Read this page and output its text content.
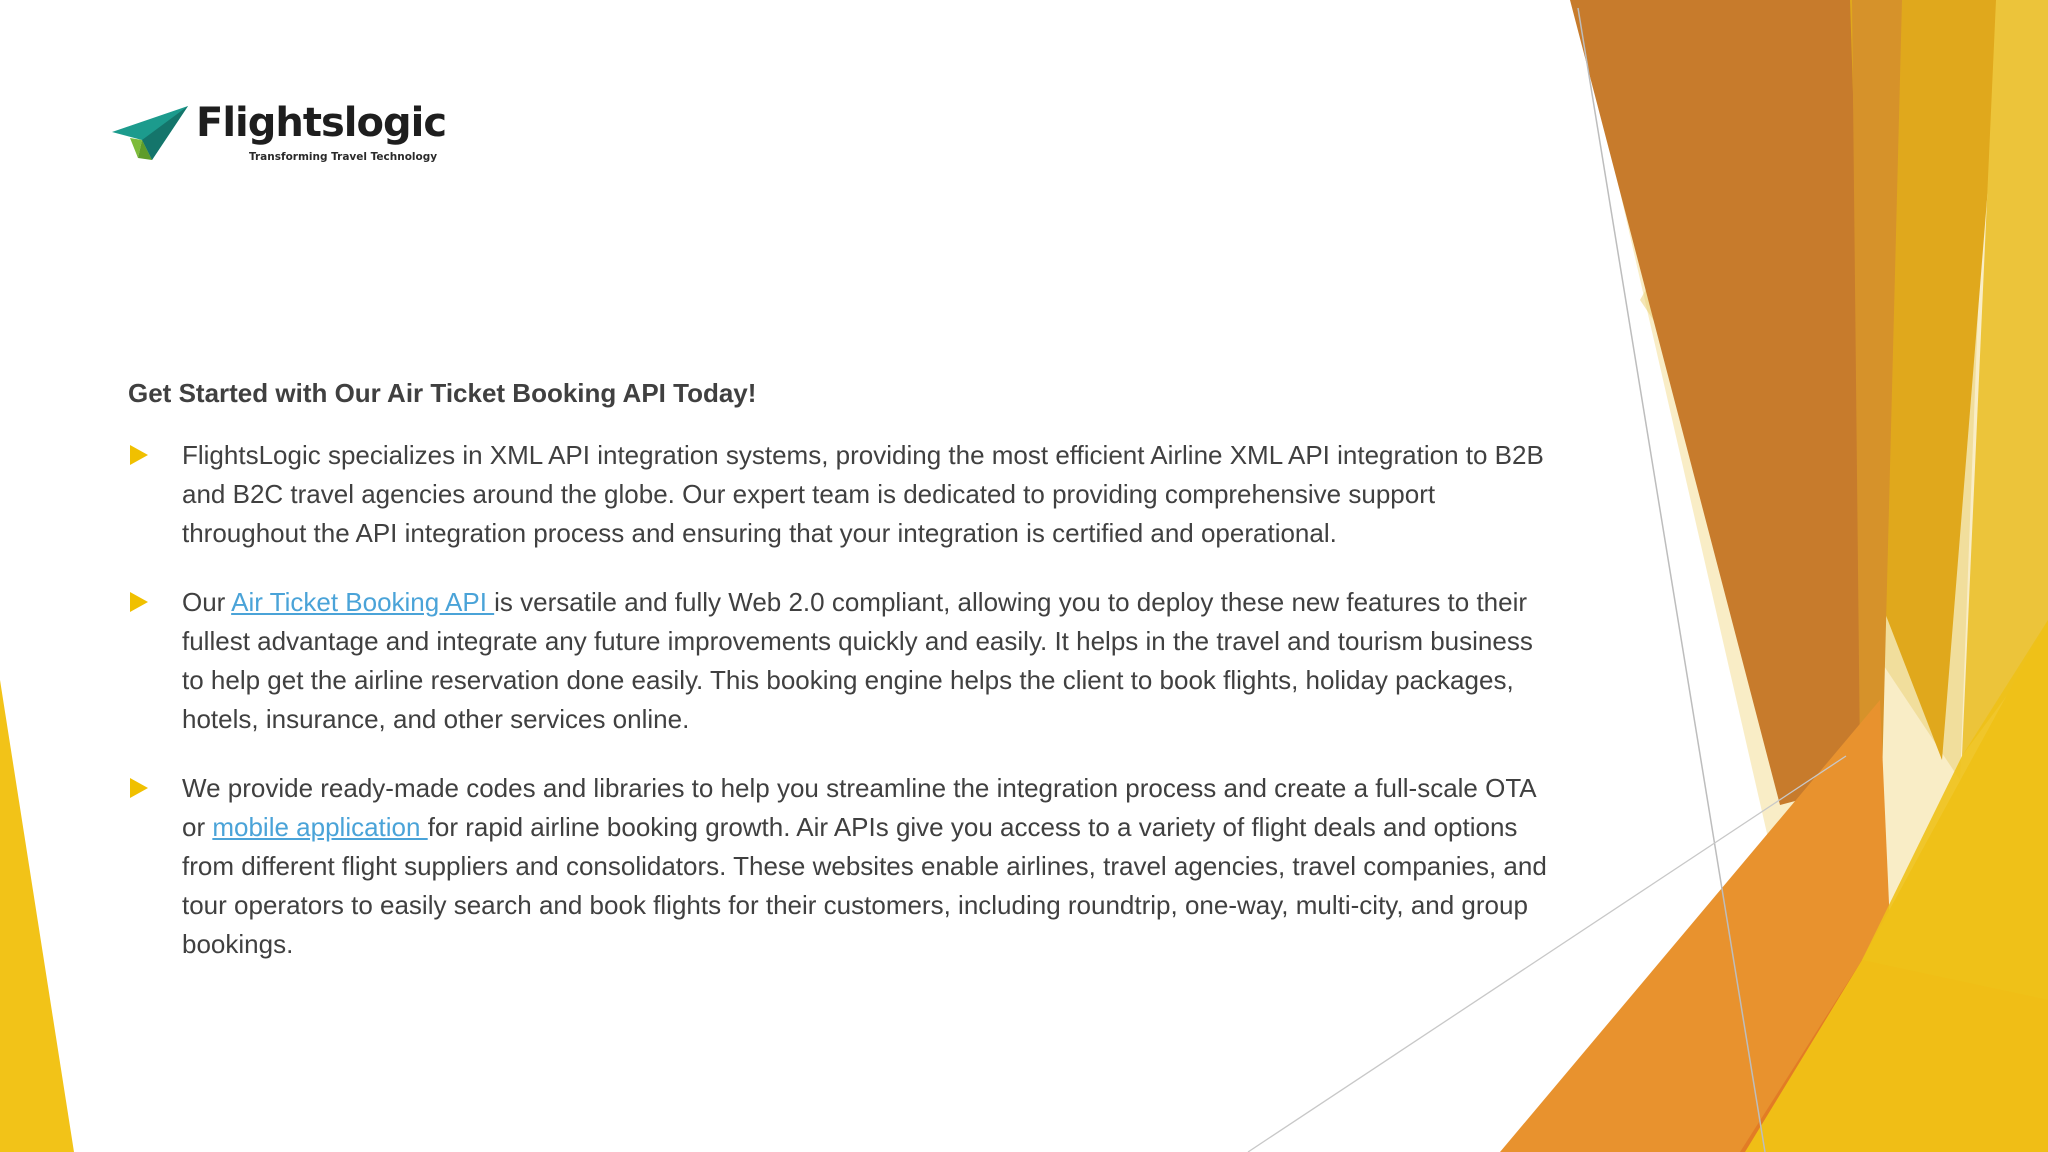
Flightslogic
Transforming Travel Technology
Get Started with Our Air Ticket Booking API Today!
FlightsLogic specializes in XML API integration systems, providing the most efficient Airline XML API integration to B2B and B2C travel agencies around the globe. Our expert team is dedicated to providing comprehensive support throughout the API integration process and ensuring that your integration is certified and operational.
Our Air Ticket Booking API is versatile and fully Web 2.0 compliant, allowing you to deploy these new features to their fullest advantage and integrate any future improvements quickly and easily. It helps in the travel and tourism business to help get the airline reservation done easily. This booking engine helps the client to book flights, holiday packages, hotels, insurance, and other services online.
We provide ready-made codes and libraries to help you streamline the integration process and create a full-scale OTA or mobile application for rapid airline booking growth. Air APIs give you access to a variety of flight deals and options from different flight suppliers and consolidators. These websites enable airlines, travel agencies, travel companies, and tour operators to easily search and book flights for their customers, including roundtrip, one-way, multi-city, and group bookings.
